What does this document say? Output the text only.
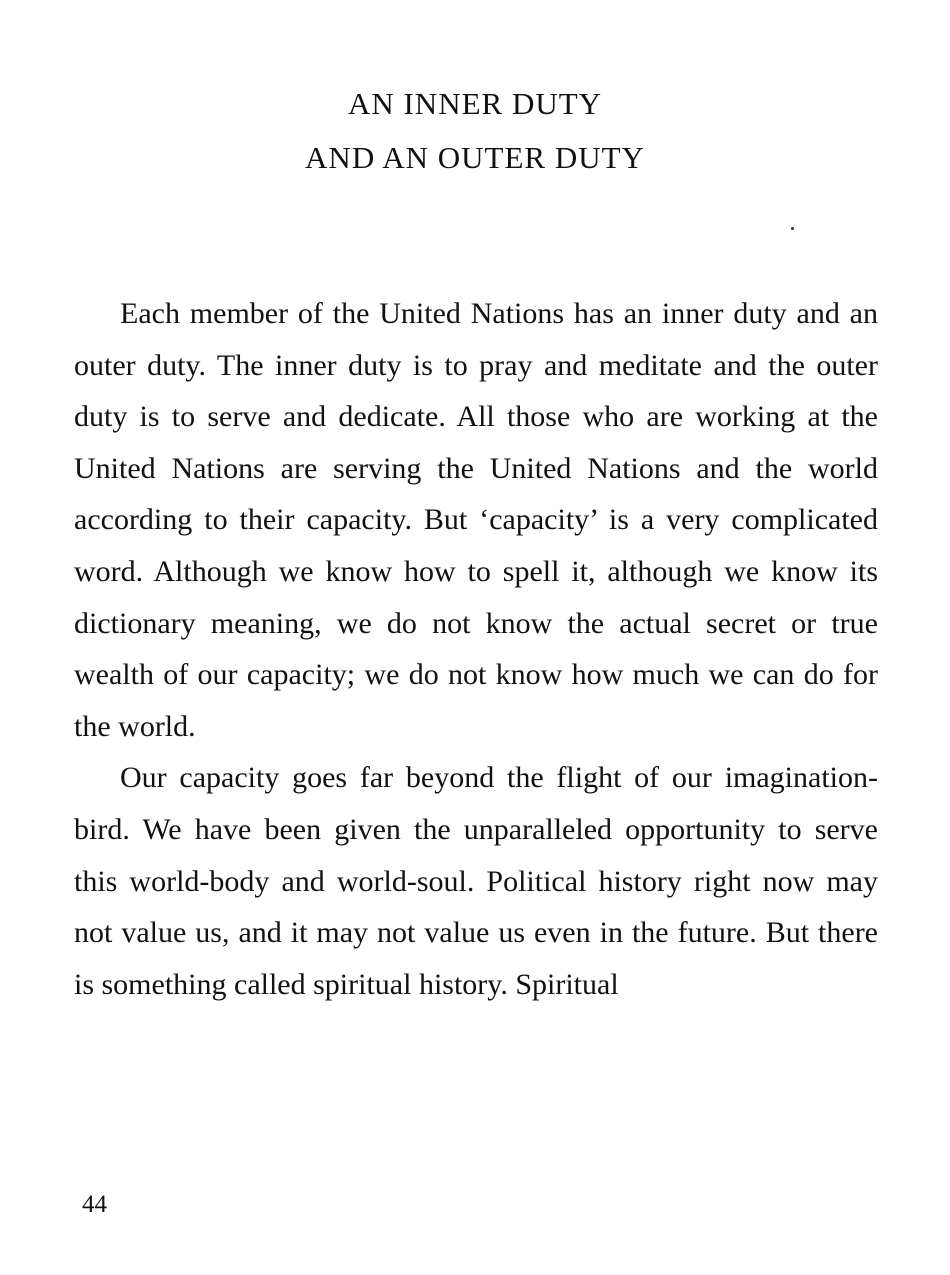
AN INNER DUTY
AND AN OUTER DUTY

Each member of the United Nations has an inner duty and an outer duty. The inner duty is to pray and meditate and the outer duty is to serve and dedicate. All those who are working at the United Nations are serving the United Nations and the world according to their capacity. But ‘capacity’ is a very complicated word. Although we know how to spell it, although we know its dictionary meaning, we do not know the actual secret or true wealth of our capacity; we do not know how much we can do for the world.

Our capacity goes far beyond the flight of our imagination-bird. We have been given the unparalleled opportunity to serve this world-body and world-soul. Political history right now may not value us, and it may not value us even in the future. But there is something called spiritual history. Spiritual

44
